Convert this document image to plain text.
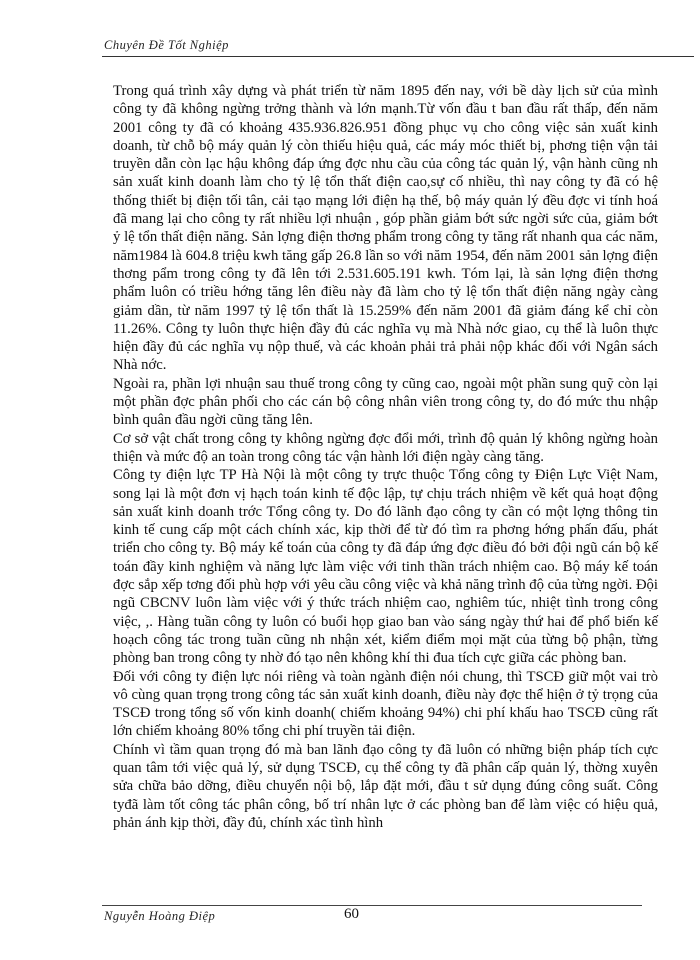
Chuyên Đề Tốt Nghiệp

Trong quá trình xây dựng và phát triển từ năm 1895 đến nay, với bề dày lịch sử của mình công ty đã không ngừng trởng thành và lớn mạnh.Từ vốn đầu t ban đầu rất thấp, đến năm 2001 công ty đã có khoảng 435.936.826.951 đồng phục vụ cho công việc sản xuất kinh doanh, từ chỗ bộ máy quản lý còn thiếu hiệu quả, các máy móc thiết bị, phơng tiện vận tải truyền dẫn còn lạc hậu không đáp ứng đợc nhu cầu của công tác quản lý, vận hành cũng nh sản xuất kinh doanh làm cho tỷ lệ tổn thất điện cao,sự cố nhiều, thì nay công ty đã có hệ thống thiết bị điện tối tân, cải tạo mạng lới điện hạ thế, bộ máy quản lý đều đợc vi tính hoá đã mang lại cho công ty rất nhiều lợi nhuận , góp phần giảm bớt sức ngời sức của, giảm bớt ỷ lệ tổn thất điện năng. Sản lợng điện thơng phẩm trong công ty tăng rất nhanh qua các năm, năm1984 là 604.8 triệu kwh tăng gấp 26.8 lần so với năm 1954, đến năm 2001 sản lợng điện thơng pẩm trong công ty đã lên tới 2.531.605.191 kwh. Tóm lại, là sản lợng điện thơng phẩm luôn có triều hớng tăng lên điều này đã làm cho tỷ lệ tổn thất điện năng ngày càng giảm dần, từ năm 1997 tỷ lệ tổn thất là 15.259% đến năm 2001 đã giảm đáng kể chỉ còn 11.26%. Công ty luôn thực hiện đầy đủ các nghĩa vụ mà Nhà nớc giao, cụ thể là luôn thực hiện đầy đủ các nghĩa vụ nộp thuế, và các khoản phải trả phải nộp khác đối với Ngân sách Nhà nớc.

Ngoài ra, phần lợi nhuận sau thuế trong công ty cũng cao, ngoài một phần sung quỹ còn lại một phần đợc phân phối cho các cán bộ công nhân viên trong công ty, do đó mức thu nhập bình quân đầu ngời cũng tăng lên.

Cơ sở vật chất trong công ty không ngừng đợc đổi mới, trình độ quản lý không ngừng hoàn thiện và mức độ an toàn trong công tác vận hành lới điện ngày càng tăng.

Công ty điện lực TP Hà Nội là một công ty trực thuộc Tổng công ty Điện Lực Việt Nam, song lại là một đơn vị hạch toán kinh tế độc lập, tự chịu trách nhiệm về kết quả hoạt động sản xuất kinh doanh trớc Tổng công ty. Do đó lãnh đạo công ty cần có một lợng thông tin kinh tế cung cấp một cách chính xác, kịp thời để từ đó tìm ra phơng hớng phấn đấu, phát triển cho công ty. Bộ máy kế toán của công ty đã đáp ứng đợc điều đó bởi đội ngũ cán bộ kế toán đầy kinh nghiệm và năng lực làm việc với tinh thần trách nhiệm cao. Bộ máy kế toán đợc sắp xếp tơng đối phù hợp với yêu cầu công việc và khả năng trình độ của từng ngời. Đội ngũ CBCNV luôn làm việc với ý thức trách nhiệm cao, nghiêm túc, nhiệt tình trong công việc, ,. Hàng tuần công ty luôn có buổi họp giao ban vào sáng ngày thứ hai để phổ biến kế hoạch công tác trong tuần cũng nh nhận xét, kiểm điểm mọi mặt của từng bộ phận, từng phòng ban trong công ty nhờ đó tạo nên không khí thi đua tích cực giữa các phòng ban.

Đối với công ty điện lực nói riêng và toàn ngành điện nói chung, thì TSCĐ giữ một vai trò vô cùng quan trọng trong công tác sản xuất kinh doanh, điều này đợc thể hiện ở tỷ trọng của TSCĐ trong tổng số vốn kinh doanh( chiếm khoảng 94%) chi phí khấu hao TSCĐ cũng rất lớn chiếm khoảng 80% tổng chi phí truyền tải điện.

Chính vì tầm quan trọng đó mà ban lãnh đạo công ty đã luôn có những biện pháp tích cực quan tâm tới việc quả lý, sử dụng TSCĐ, cụ thể công ty đã phân cấp quản lý, thờng xuyên sửa chữa bảo dỡng, điều chuyển nội bộ, lắp đặt mới, đầu t sử dụng đúng công suất. Công tyđã làm tốt công tác phân công, bố trí nhân lực ở các phòng ban để làm việc có hiệu quả, phản ánh kịp thời, đầy đủ, chính xác tình hình

Nguyễn Hoàng Điệp	60
